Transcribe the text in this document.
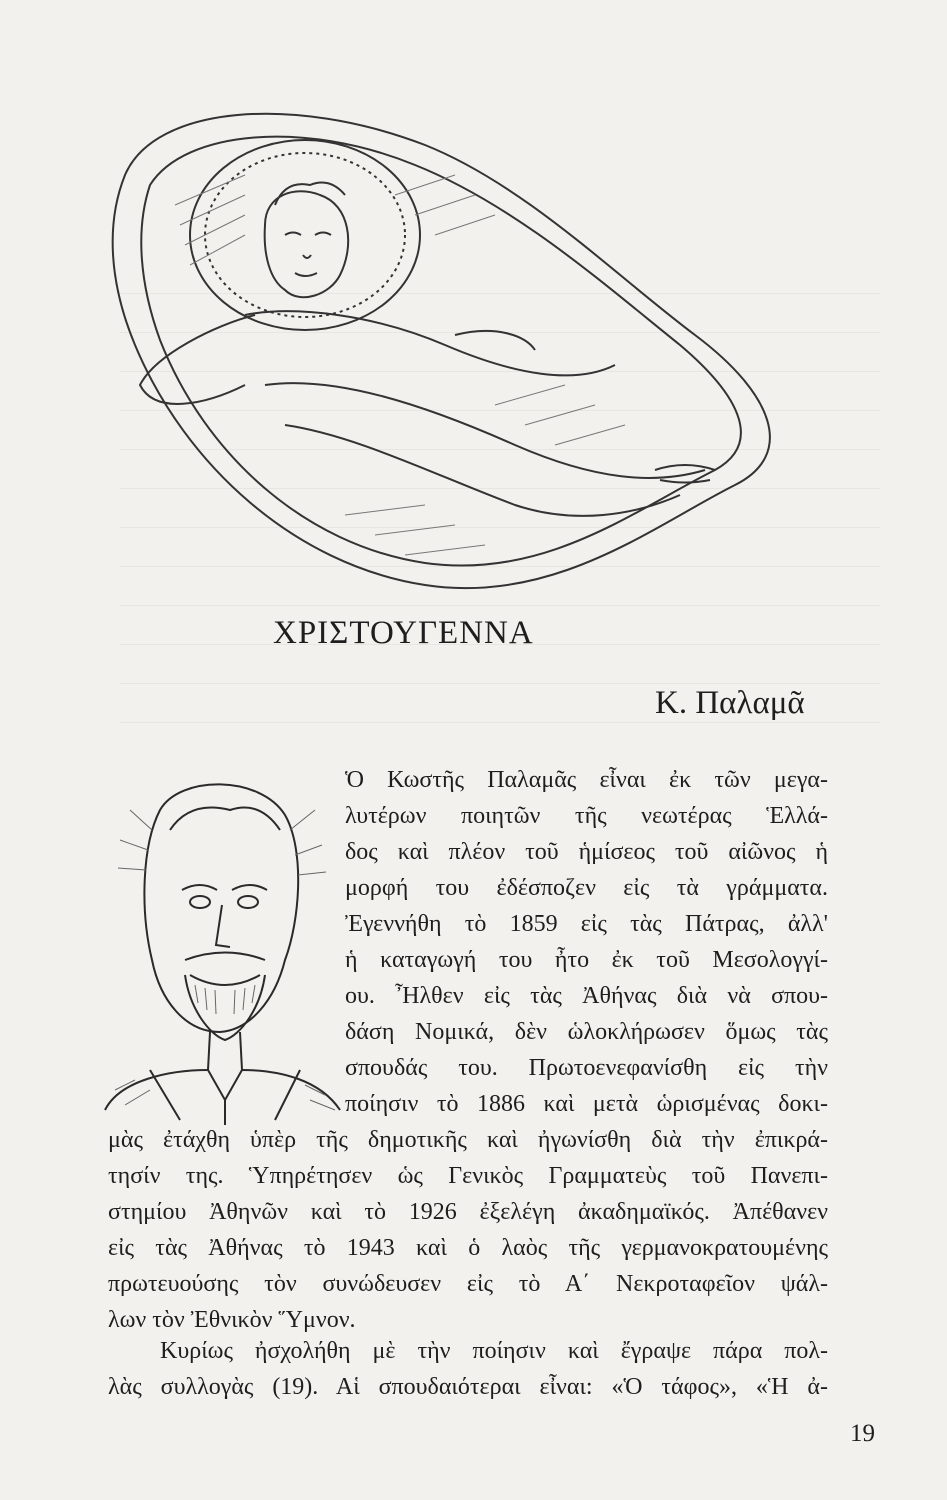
ΧΡΙΣΤΟΥΓΕΝΝΑ
Κ. Παλαμᾶ
Ὁ Κωστῆς Παλαμᾶς εἶναι ἐκ τῶν μεγα-
λυτέρων ποιητῶν τῆς νεωτέρας Ἑλλά-
δος καὶ πλέον τοῦ ἡμίσεος τοῦ αἰῶνος ἡ
μορφή του ἐδέσποζεν εἰς τὰ γράμματα.
Ἐγεννήθη τὸ 1859 εἰς τὰς Πάτρας, ἀλλ'
ἡ καταγωγή του ἦτο ἐκ τοῦ Μεσολογγί-
ου. Ἦλθεν εἰς τὰς Ἀθήνας διὰ νὰ σπου-
δάση Νομικά, δὲν ὡλοκλήρωσεν ὅμως τὰς
σπουδάς του. Πρωτοενεφανίσθη εἰς τὴν
ποίησιν τὸ 1886 καὶ μετὰ ὡρισμένας δοκι-
μὰς ἐτάχθη ὑπὲρ τῆς δημοτικῆς καὶ ἠγωνίσθη διὰ τὴν ἐπικρά-
τησίν της. Ὑπηρέτησεν ὡς Γενικὸς Γραμματεὺς τοῦ Πανεπι-
στημίου Ἀθηνῶν καὶ τὸ 1926 ἐξελέγη ἀκαδημαϊκός. Ἀπέθανεν
εἰς τὰς Ἀθήνας τὸ 1943 καὶ ὁ λαὸς τῆς γερμανοκρατουμένης
πρωτευούσης τὸν συνώδευσεν εἰς τὸ Α΄ Νεκροταφεῖον ψάλ-
λων τὸν Ἐθνικὸν Ὕμνον.
Κυρίως ἠσχολήθη μὲ τὴν ποίησιν καὶ ἔγραψε πάρα πολ-
λὰς συλλογὰς (19). Αἱ σπουδαιότεραι εἶναι: «Ὁ τάφος», «Ἡ ἀ-
19
